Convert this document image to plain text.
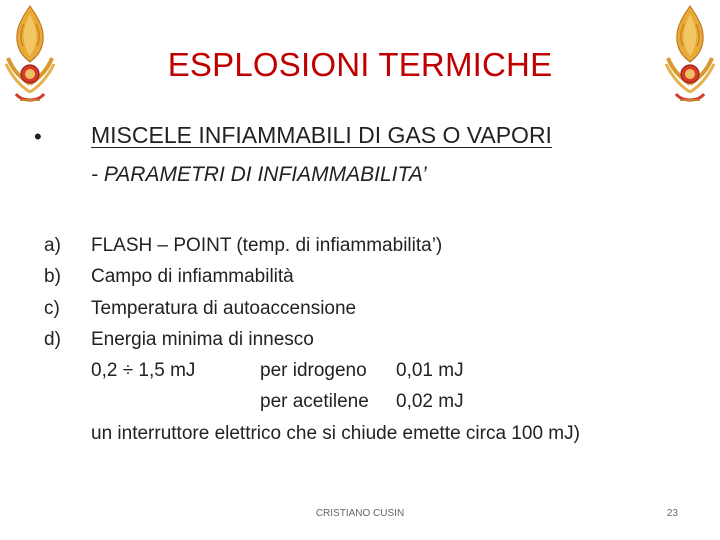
ESPLOSIONI TERMICHE
• MISCELE INFIAMMABILI DI GAS O VAPORI
- PARAMETRI DI INFIAMMABILITA’
a)
b)
c)
d)
FLASH – POINT (temp. di infiammabilita’)
Campo di infiammabilità
Temperatura di autoaccensione
Energia minima di innesco
0,2 ÷ 1,5 mJ	per idrogeno 0,01 mJ
per acetilene 0,02 mJ
un interruttore elettrico che si chiude emette circa 100 mJ)
CRISTIANO CUSIN	23
